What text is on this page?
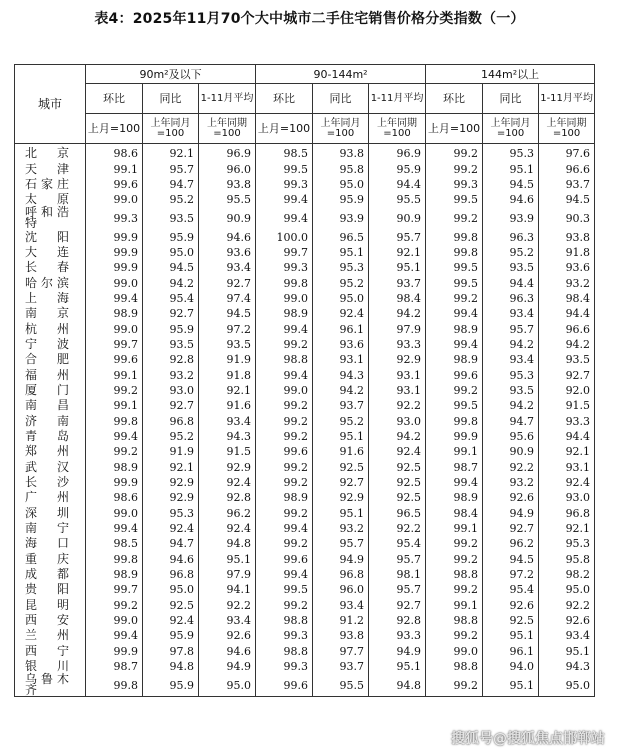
表4：2025年11月70个大中城市二手住宅销售价格分类指数（一）
城市	90m²及以下			90-144m²			144m²以上		
	环比	同比	1-11月平均	环比	同比	1-11月平均	环比	同比	1-11月平均
	上月=100	上年同月=100	上年同期=100	上月=100	上年同月=100	上年同期=100	上月=100	上年同月=100	上年同期=100
北京	98.6	92.1	96.9	98.5	93.8	96.9	99.2	95.3	97.6
天津	99.1	95.7	96.0	99.5	95.8	95.9	99.2	95.1	96.6
石家庄	99.6	94.7	93.8	99.3	95.0	94.4	99.3	94.5	93.7
太原	99.0	95.2	95.5	99.4	95.9	95.5	99.5	94.6	94.5
呼和浩特	99.3	93.5	90.9	99.4	93.9	90.9	99.2	93.9	90.3
沈阳	99.9	95.9	94.6	100.0	96.5	95.7	99.8	96.3	93.8
大连	99.9	95.0	93.6	99.7	95.1	92.1	99.8	95.2	91.8
长春	99.9	94.5	93.4	99.3	95.3	95.1	99.5	93.5	93.6
哈尔滨	99.0	94.2	92.7	99.8	95.2	93.7	99.5	94.4	93.2
上海	99.4	95.4	97.4	99.0	95.0	98.4	99.2	96.3	98.4
南京	98.9	92.7	94.5	98.9	92.4	94.2	99.4	93.4	94.4
杭州	99.0	95.9	97.2	99.4	96.1	97.9	98.9	95.7	96.6
宁波	99.7	93.5	93.5	99.2	93.6	93.3	99.4	94.2	94.2
合肥	99.6	92.8	91.9	98.8	93.1	92.9	98.9	93.4	93.5
福州	99.1	93.2	91.8	99.4	94.3	93.1	99.6	95.3	92.7
厦门	99.2	93.0	92.1	99.0	94.2	93.1	99.2	93.5	92.0
南昌	99.1	92.7	91.6	99.2	93.7	92.2	99.5	94.2	91.5
济南	99.8	96.8	93.4	99.2	95.2	93.0	99.8	94.7	93.3
青岛	99.4	95.2	94.3	99.2	95.1	94.2	99.9	95.6	94.4
郑州	99.2	91.9	91.5	99.6	91.6	92.4	99.1	90.9	92.1
武汉	98.9	92.1	92.9	99.2	92.5	92.5	98.7	92.2	93.1
长沙	99.9	92.9	92.4	99.2	92.7	92.5	99.4	93.2	92.4
广州	98.6	92.9	92.8	98.9	92.9	92.5	98.9	92.6	93.0
深圳	99.0	95.3	96.2	99.2	95.1	96.5	98.4	94.9	96.8
南宁	99.4	92.4	92.4	99.4	93.2	92.2	99.1	92.7	92.1
海口	98.5	94.7	94.8	99.2	95.7	95.4	99.2	96.2	95.3
重庆	99.8	94.6	95.1	99.6	94.9	95.7	99.2	94.5	95.8
成都	98.9	96.8	97.9	99.4	96.8	98.1	98.8	97.2	98.2
贵阳	99.7	95.0	94.1	99.5	96.0	95.7	99.2	95.4	95.0
昆明	99.2	92.5	92.2	99.2	93.4	92.7	99.1	92.6	92.2
西安	99.0	92.4	93.4	98.8	91.2	92.8	98.8	92.5	92.6
兰州	99.4	95.9	92.6	99.3	93.8	93.3	99.2	95.1	93.4
西宁	99.9	97.8	94.6	98.8	97.7	94.9	99.0	96.1	95.1
银川	98.7	94.8	94.9	99.3	93.7	95.1	98.8	94.0	94.3
乌鲁木齐	99.8	95.9	95.0	99.6	95.5	94.8	99.2	95.1	95.0
搜狐号@搜狐焦点邯郸站
